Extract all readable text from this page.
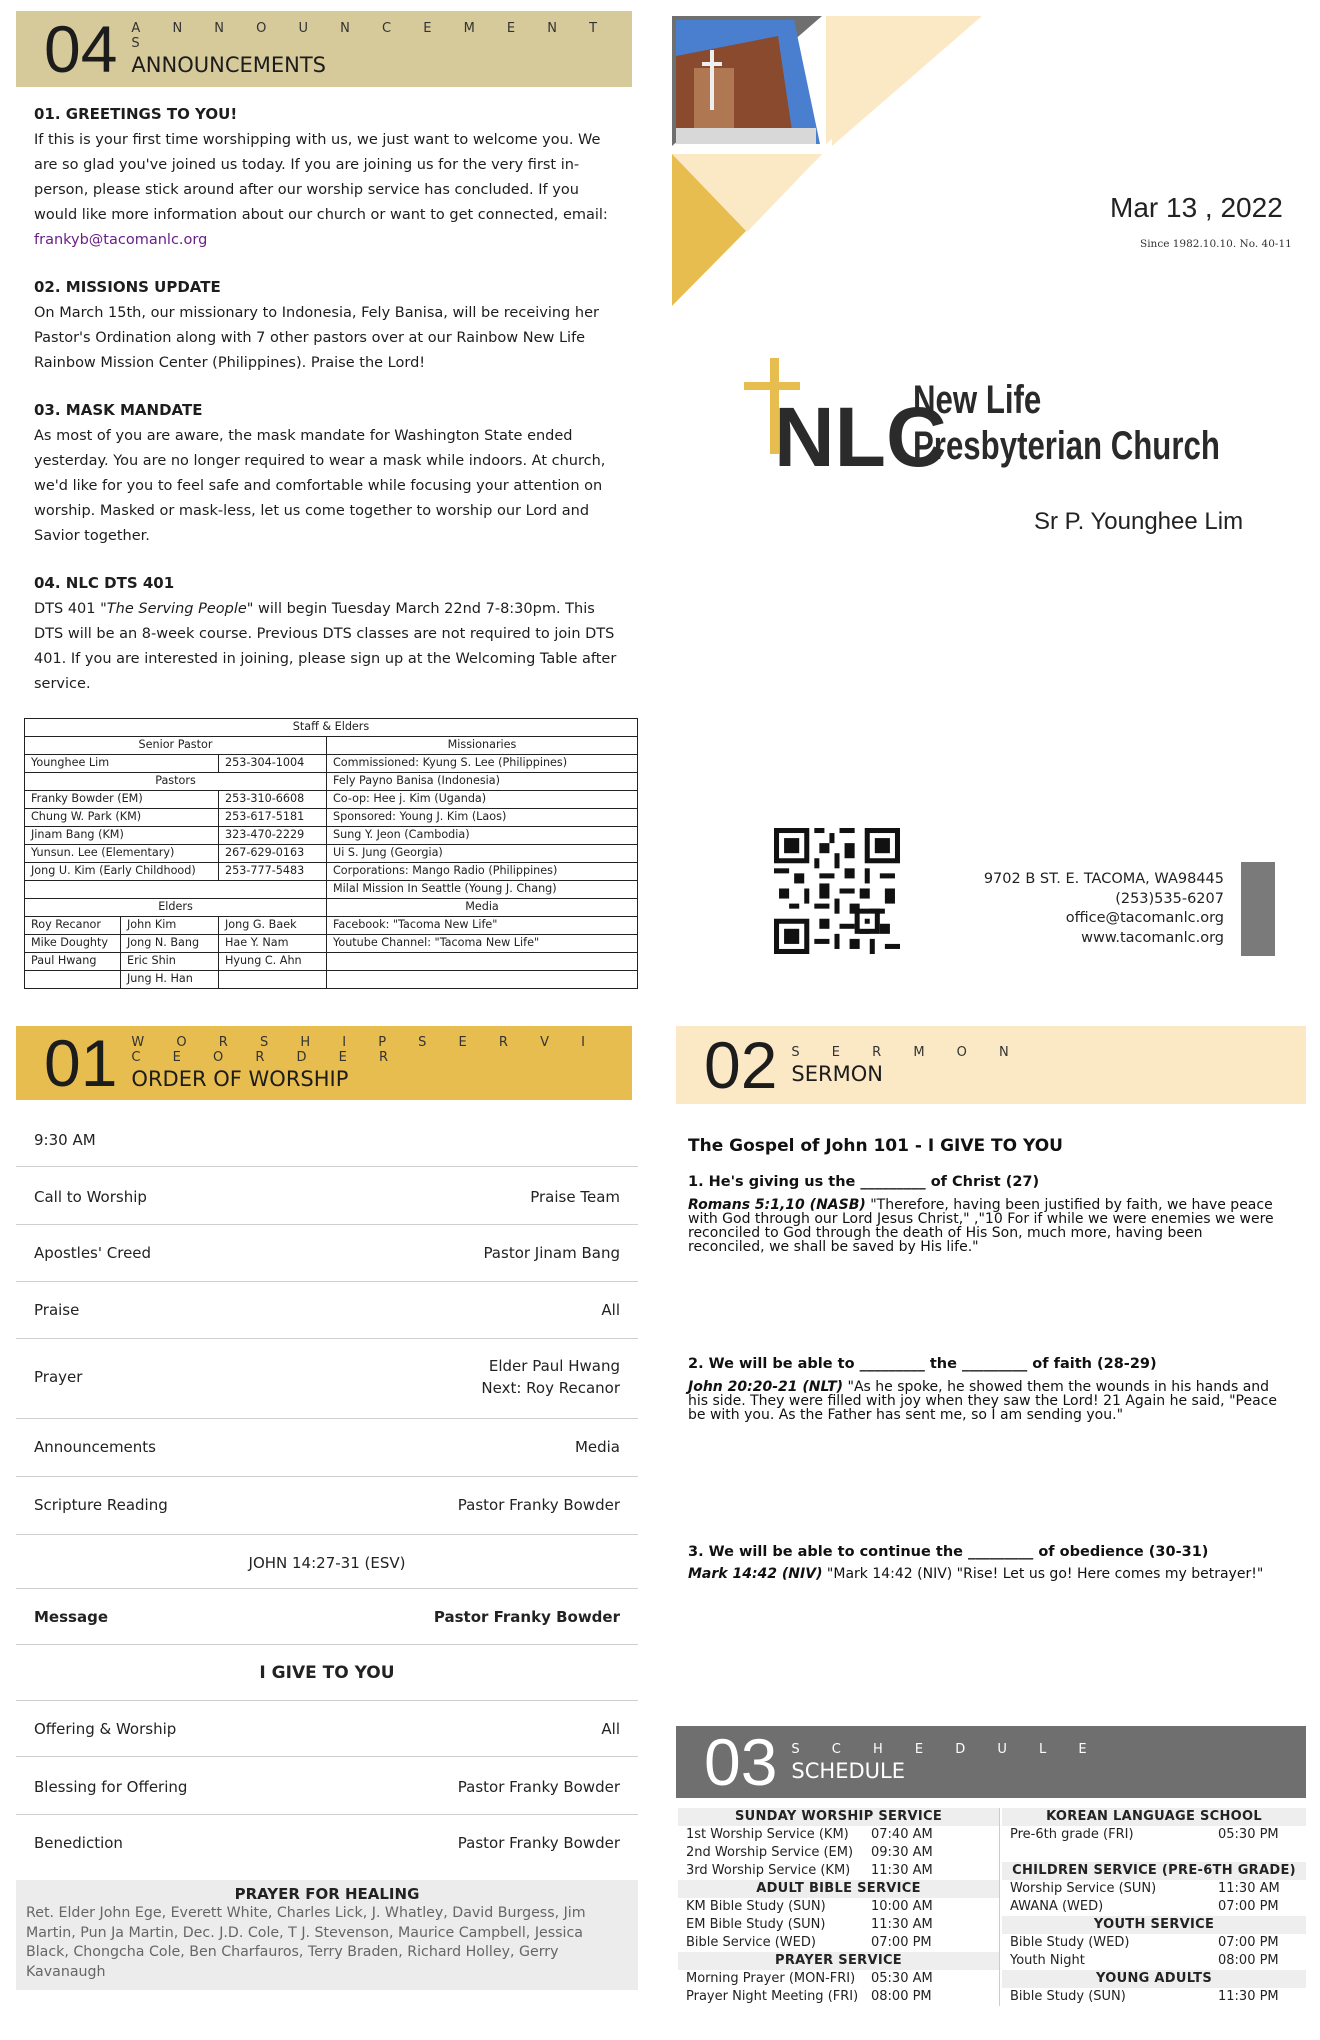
04 A N N O U N C E M E N T S
ANNOUNCEMENTS
01. GREETINGS TO YOU!

If this is your first time worshipping with us, we just want to welcome you. We are so glad you've joined us today. If you are joining us for the very first in-person, please stick around after our worship service has concluded. If you would like more information about our church or want to get connected, email:

frankyb@tacomanlc.org

02. MISSIONS UPDATE

On March 15th, our missionary to Indonesia, Fely Banisa, will be receiving her Pastor's Ordination along with 7 other pastors over at our Rainbow New Life Rainbow Mission Center (Philippines). Praise the Lord!

03. MASK MANDATE

As most of you are aware, the mask mandate for Washington State ended yesterday. You are no longer required to wear a mask while indoors. At church, we'd like for you to feel safe and comfortable while focusing your attention on worship. Masked or mask-less, let us come together to worship our Lord and Savior together.

04. NLC DTS 401

DTS 401 "The Serving People" will begin Tuesday March 22nd 7-8:30pm. This DTS will be an 8-week course. Previous DTS classes are not required to join DTS 401. If you are interested in joining, please sign up at the Welcoming Table after service.

Staff & Elders			
Senior Pastor			Missionaries
Younghee Lim		253-304-1004	Commissioned: Kyung S. Lee (Philippines)
Pastors			Fely Payno Banisa (Indonesia)
Franky Bowder (EM)		253-310-6608	Co-op: Hee j. Kim (Uganda)
Chung W. Park (KM)		253-617-5181	Sponsored: Young J. Kim (Laos)
Jinam Bang (KM)		323-470-2229	Sung Y. Jeon (Cambodia)
Yunsun. Lee (Elementary)		267-629-0163	Ui S. Jung (Georgia)
Jong U. Kim (Early Childhood)		253-777-5483	Corporations: Mango Radio (Philippines)
			Milal Mission In Seattle (Young J. Chang)
Elders			Media
Roy Recanor	John Kim	Jong G. Baek	Facebook: "Tacoma New Life"
Mike Doughty	Jong N. Bang	Hae Y. Nam	Youtube Channel: "Tacoma New Life"
Paul Hwang	Eric Shin	Hyung C. Ahn	
	Jung H. Han		
Mar 13 , 2022
Since 1982.10.10. No. 40-11
NLC
New Life
Presbyterian Church
Sr P. Younghee Lim
9702 B ST. E. TACOMA, WA98445
(253)535-6207
office@tacomanlc.org
www.tacomanlc.org
01 W O R S H I P S E R V I C E O R D E R
ORDER OF WORSHIP
9:30 AM
Call to Worship	Praise Team
Apostles' Creed	Pastor Jinam Bang
Praise	All
Prayer
Elder Paul Hwang
Next: Roy Recanor
Announcements	Media
Scripture Reading	Pastor Franky Bowder
JOHN 14:27-31 (ESV)
Message	Pastor Franky Bowder
I GIVE TO YOU
Offering & Worship	All
Blessing for Offering	Pastor Franky Bowder
Benediction	Pastor Franky Bowder
PRAYER FOR HEALING
Ret. Elder John Ege, Everett White, Charles Lick, J. Whatley, David Burgess, Jim Martin, Pun Ja Martin, Dec. J.D. Cole, T J. Stevenson, Maurice Campbell, Jessica Black, Chongcha Cole, Ben Charfauros, Terry Braden, Richard Holley, Gerry Kavanaugh
02 S E R M O N
SERMON
The Gospel of John 101 - I GIVE TO YOU
1. He's giving us the _________ of Christ (27)
Romans 5:1,10 (NASB) "Therefore, having been justified by faith, we have peace with God through our Lord Jesus Christ," ,"10 For if while we were enemies we were reconciled to God through the death of His Son, much more, having been reconciled, we shall be saved by His life."
2. We will be able to _________ the _________ of faith (28-29)
John 20:20-21 (NLT) "As he spoke, he showed them the wounds in his hands and his side. They were filled with joy when they saw the Lord! 21 Again he said, "Peace be with you. As the Father has sent me, so I am sending you."
3. We will be able to continue the _________ of obedience (30-31)
Mark 14:42 (NIV) "Mark 14:42 (NIV) "Rise! Let us go! Here comes my betrayer!"
03 S C H E D U L E
SCHEDULE
SUNDAY WORSHIP SERVICE
1st Worship Service (KM) 07:40 AM
2nd Worship Service (EM) 09:30 AM
3rd Worship Service (KM) 11:30 AM
ADULT BIBLE SERVICE
KM Bible Study (SUN)	10:00 AM
EM Bible Study (SUN)	11:30 AM
Bible Service (WED)	07:00 PM
PRAYER SERVICE
Morning Prayer (MON-FRI) 05:30 AM
Prayer Night Meeting (FRI) 08:00 PM
KOREAN LANGUAGE SCHOOL
Pre-6th grade (FRI)	05:30 PM
CHILDREN SERVICE (PRE-6TH GRADE)
Worship Service (SUN)	11:30 AM
AWANA (WED)	07:00 PM
YOUTH SERVICE
Bible Study (WED)	07:00 PM
Youth Night	08:00 PM
YOUNG ADULTS
Bible Study (SUN)	11:30 PM
